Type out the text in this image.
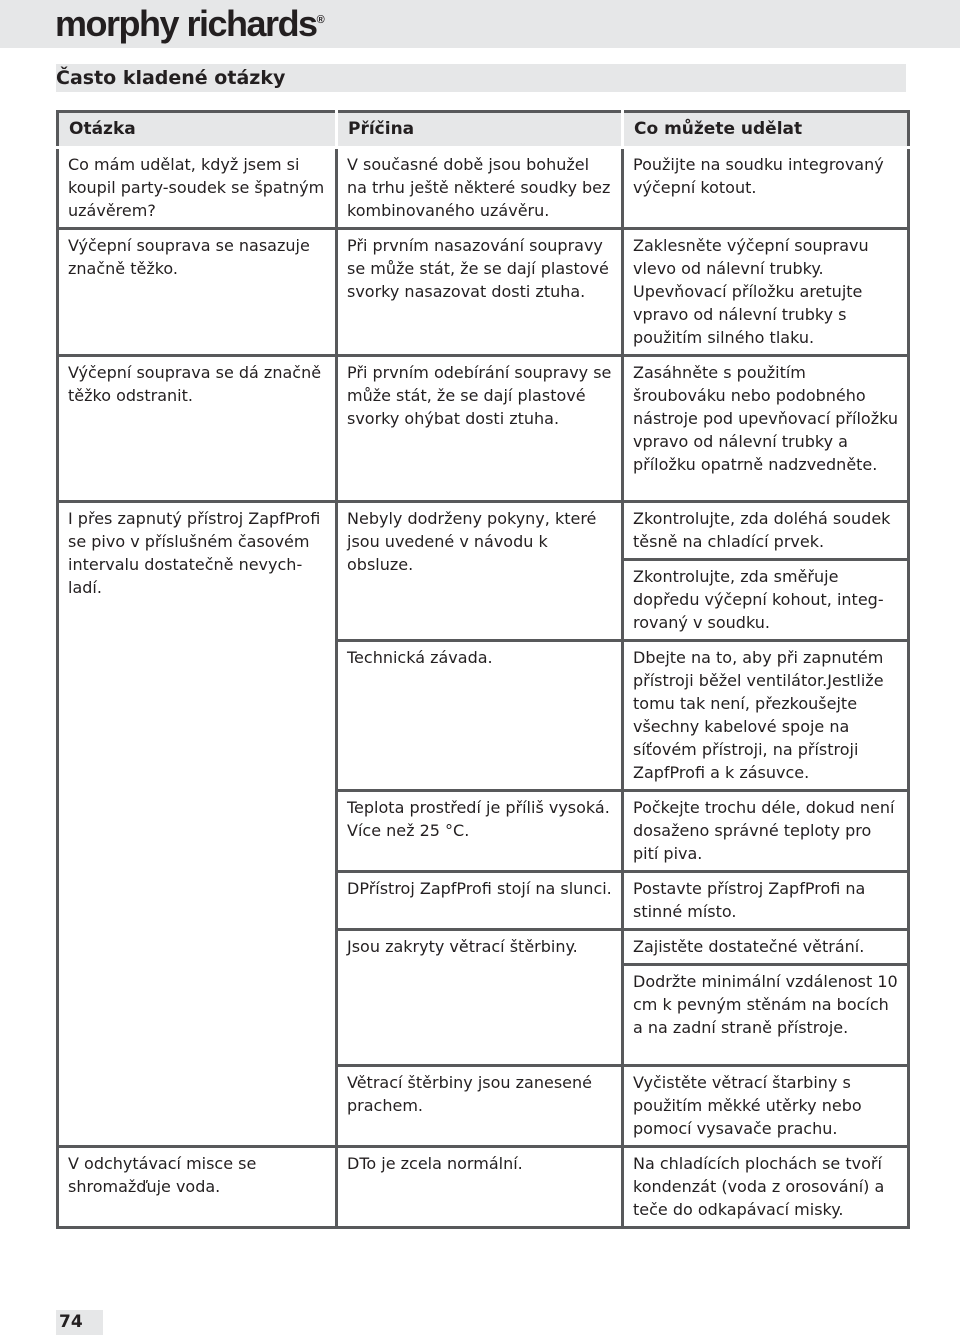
morphy richards®
Často kladené otázky
Otázka	Příčina	Co můžete udělat
Co mám udělat, když jsem si koupil party-soudek se špatným uzávěrem?	V současné době jsou bohužel na trhu ještě některé soudky bez kombinovaného uzávěru.	Použijte na soudku integrovaný výčepní kotout.
Výčepní souprava se nasazuje značně těžko.	Při prvním nasazování soupravy se může stát, že se dají plastové svorky nasazovat dosti ztuha.	Zaklesněte výčepní soupravu vlevo od nálevní trubky. Upevňovací příložku aretujte vpravo od nálevní trubky s použitím silného tlaku.
Výčepní souprava se dá značně těžko odstranit.	Při prvním odebírání soupravy se může stát, že se dají plastové svorky ohýbat dosti ztuha.	Zasáhněte s použitím šroubováku nebo podobného nástroje pod upevňovací příložku vpravo od nálevní trubky a příložku opatrně nadzvedněte.
I přes zapnutý přístroj ZapfProfi se pivo v příslušném časovém intervalu dostatečně nevychladí.	Nebyly dodrženy pokyny, které jsou uvedené v návodu k obsluze.	Zkontrolujte, zda doléhá soudek těsně na chladící prvek.
		Zkontrolujte, zda směřuje dopředu výčepní kohout, integrovaný v soudku.
	Technická závada.	Dbejte na to, aby při zapnutém přístroji běžel ventilátor.Jestliže tomu tak není, přezkoušejte všechny kabelové spoje na síťovém přístroji, na přístroji ZapfProfi a k zásuvce.
	Teplota prostředí je příliš vysoká. Více než 25 °C.	Počkejte trochu déle, dokud není dosaženo správné teploty pro pití piva.
	DPřístroj ZapfProfi stojí na slunci.	Postavte přístroj ZapfProfi na stinné místo.
	Jsou zakryty větrací štěrbiny.	Zajistěte dostatečné větrání.
		Dodržte minimální vzdálenost 10 cm k pevným stěnám na bocích a na zadní straně přístroje.
	Větrací štěrbiny jsou zanesené prachem.	Vyčistěte větrací štarbiny s použitím měkké utěrky nebo pomocí vysavače prachu.
V odchytávací misce se shromažďuje voda.	DTo je zcela normální.	Na chladících plochách se tvoří kondenzát (voda z orosování) a teče do odkapávací misky.
74
